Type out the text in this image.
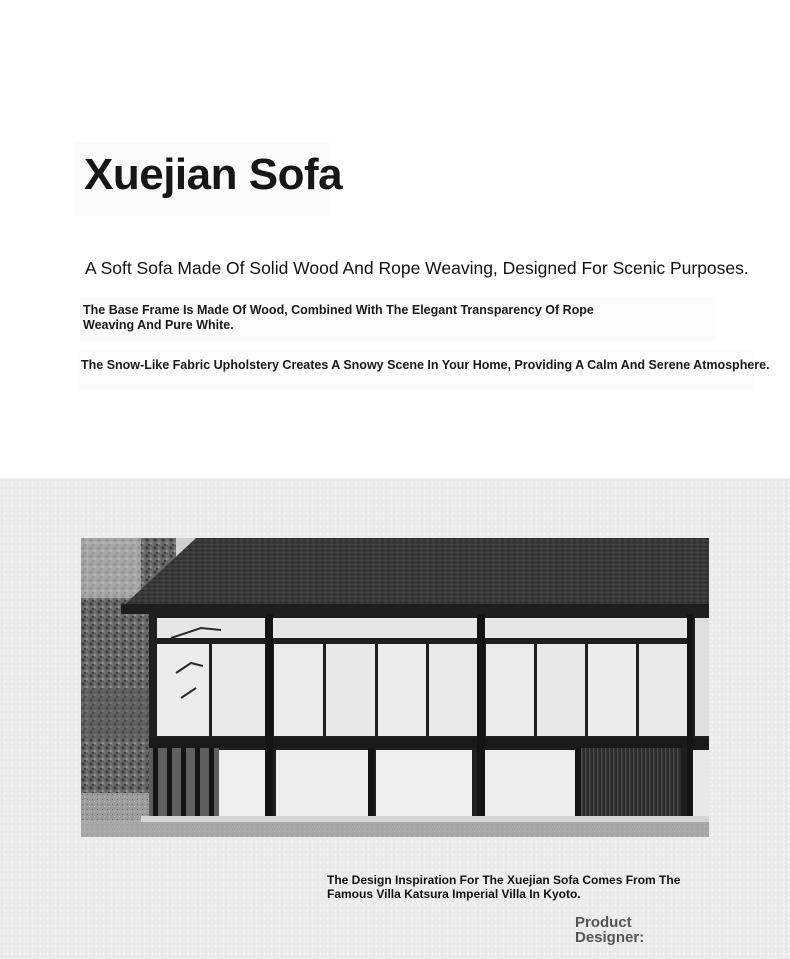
Xuejian Sofa
A Soft Sofa Made Of Solid Wood And Rope Weaving, Designed For Scenic Purposes.

The Base Frame Is Made Of Wood, Combined With The Elegant Transparency Of Rope Weaving And Pure White.

The Snow-Like Fabric Upholstery Creates A Snowy Scene In Your Home, Providing A Calm And Serene Atmosphere.

The Design Inspiration For The Xuejian Sofa Comes From The Famous Villa Katsura Imperial Villa In Kyoto.

Product Designer:
